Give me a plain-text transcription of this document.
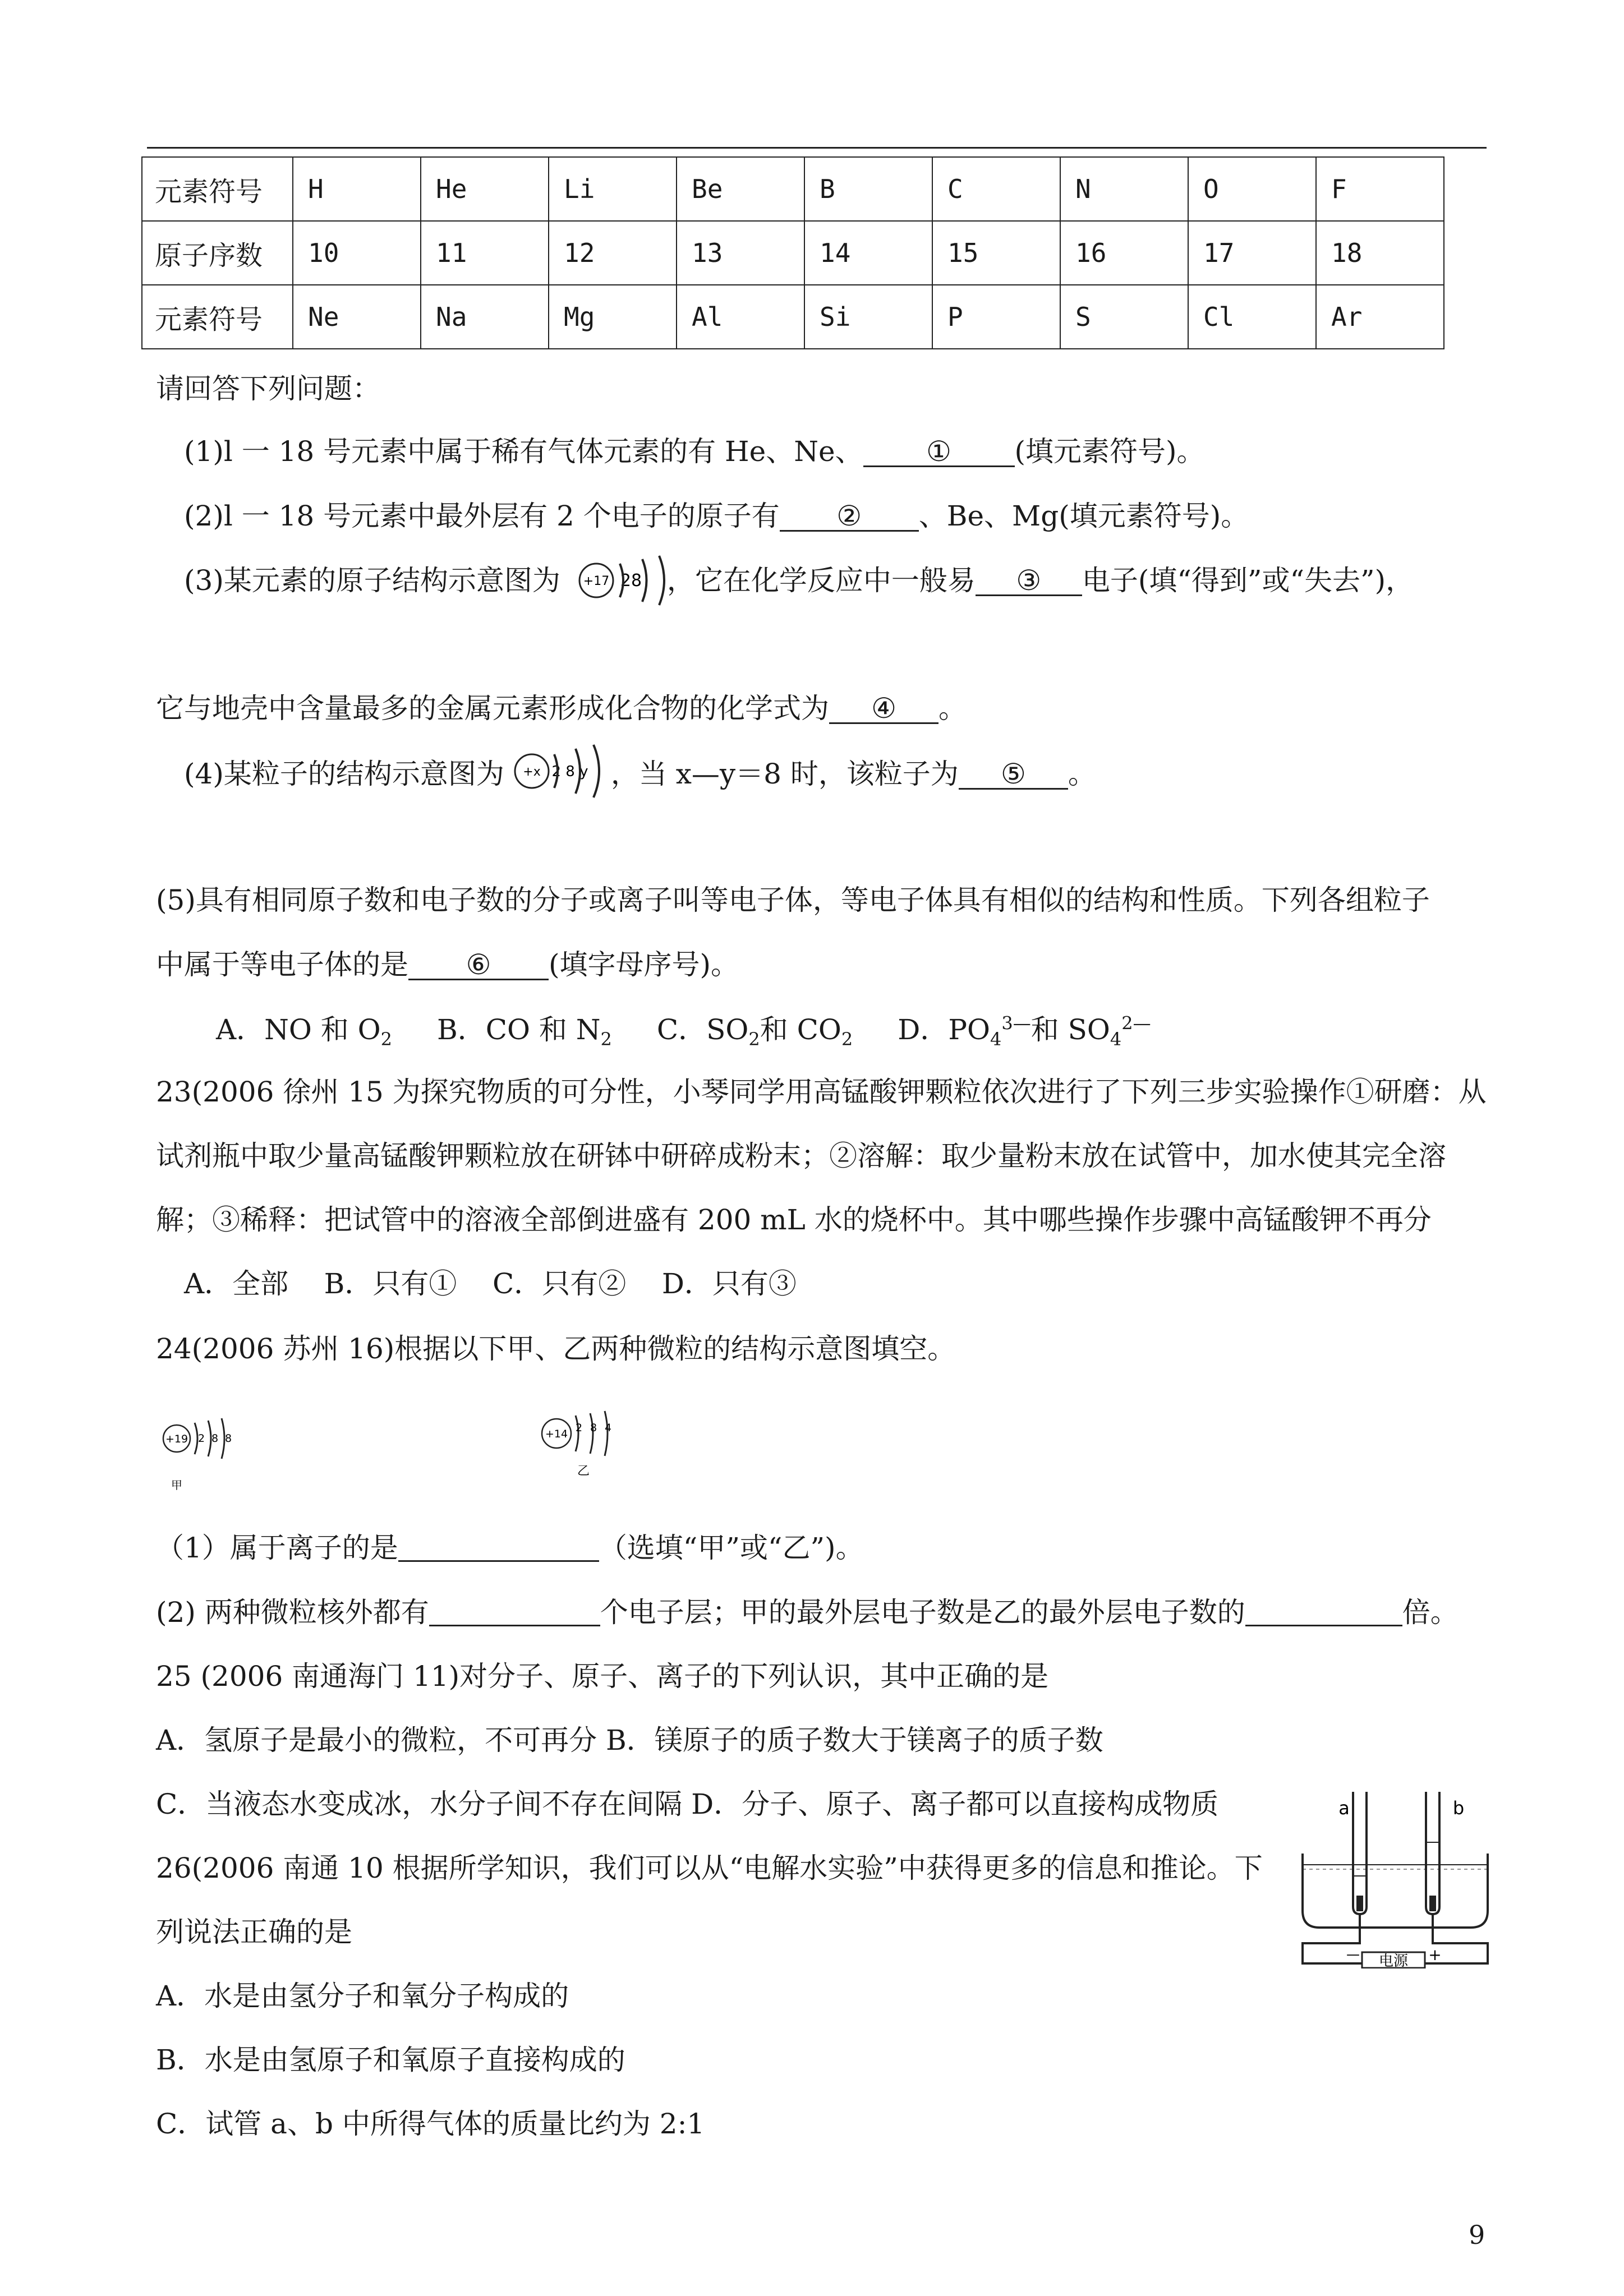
元素符号	H	He	Li	Be	B	C	N	O	F
原子序数	10	11	12	13	14	15	16	17	18
元素符号	Ne	Na	Mg	Al	Si	P	S	Cl	Ar
请回答下列问题：
(1)l 一 18 号元素中属于稀有气体元素的有 He、Ne、 ① (填元素符号)。
(2)l 一 18 号元素中最外层有 2 个电子的原子有 ② 、Be、Mg(填元素符号)。
(3)某元素的原子结构示意图为	，它在化学反应中一般易 ③ 电子(填“得到”或“失去”)，
+17 28
它与地壳中含量最多的金属元素形成化合物的化学式为 ④ 。
(4)某粒子的结构示意图为	，当 x—y＝8 时，该粒子为 ⑤ 。
+x 2 8 y
(5)具有相同原子数和电子数的分子或离子叫等电子体，等电子体具有相似的结构和性质。下列各组粒子
中属于等电子体的是 ⑥ (填字母序号)。
A．NO 和 $O_2$ B．CO 和 $N_2$ C．$SO_2$和 $CO_2$ D．$PO_4^{3—}$和 $SO_4^{2—}$
23(2006 徐州 15 为探究物质的可分性，小琴同学用高锰酸钾颗粒依次进行了下列三步实验操作①研磨：从
试剂瓶中取少量高锰酸钾颗粒放在研钵中研碎成粉末；②溶解：取少量粉末放在试管中，加水使其完全溶
解；③稀释：把试管中的溶液全部倒进盛有 200 mL 水的烧杯中。其中哪些操作步骤中高锰酸钾不再分
A．全部    B．只有①    C．只有②    D．只有③
24(2006 苏州 16)根据以下甲、乙两种微粒的结构示意图填空。
+19 2 8 8
甲
+14 2 8 4
乙
（1）属于离子的是	（选填“甲”或“乙”)。
(2) 两种微粒核外都有	个电子层；甲的最外层电子数是乙的最外层电子数的	倍。
25 (2006 南通海门 11)对分子、原子、离子的下列认识，其中正确的是
A．氢原子是最小的微粒，不可再分 B．镁原子的质子数大于镁离子的质子数
C．当液态水变成冰，水分子间不存在间隔 D．分子、原子、离子都可以直接构成物质
26(2006 南通 10 根据所学知识，我们可以从“电解水实验”中获得更多的信息和推论。下
列说法正确的是
A．水是由氢分子和氧分子构成的
B．水是由氢原子和氧原子直接构成的
C．试管 a、b 中所得气体的质量比约为 2:1
a	b
电源
—	+
9
